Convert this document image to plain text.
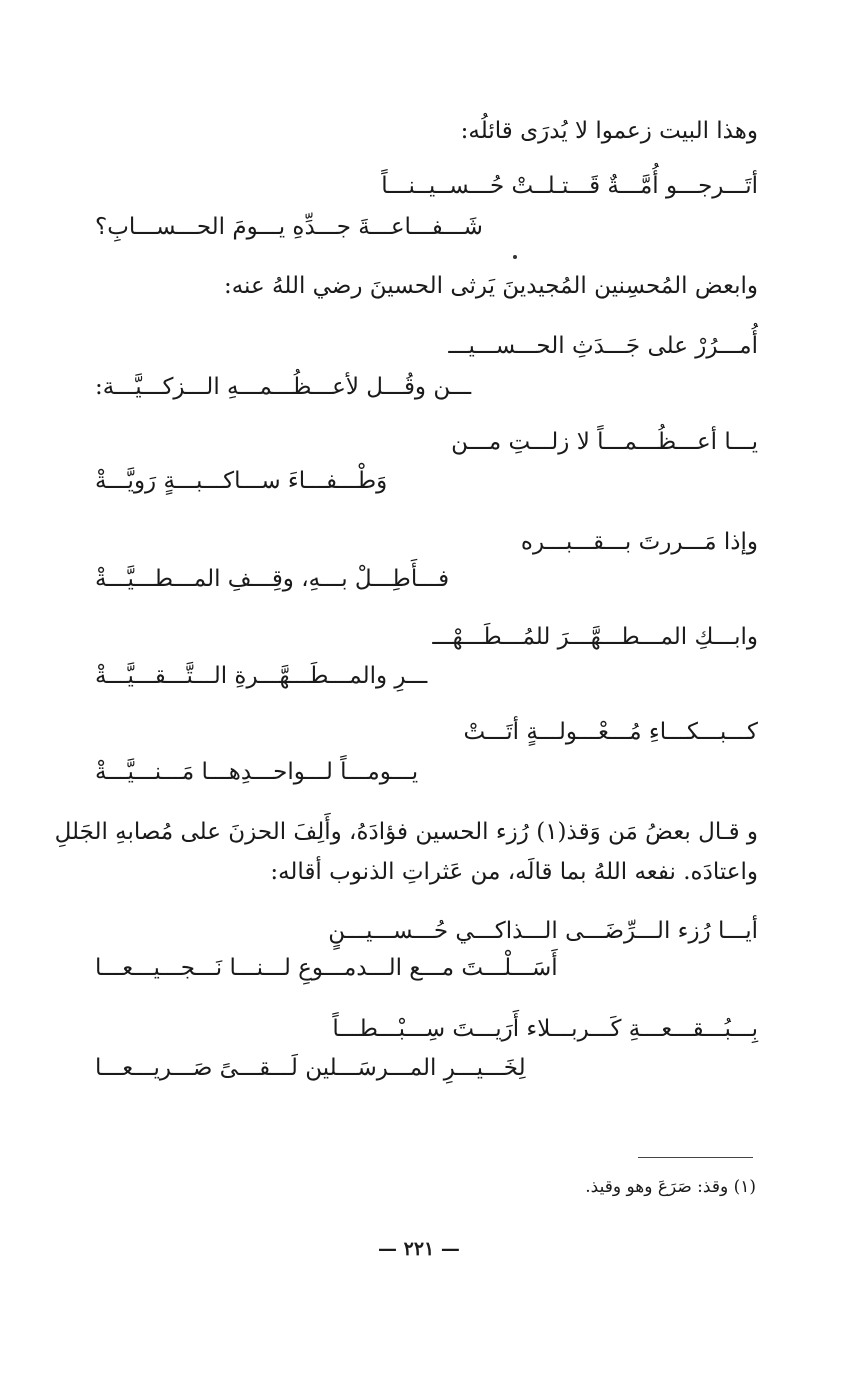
وهذا البيت زعموا لا يُدرَى قائلُه:

أتَـــرجـــو أُمَّـــةٌ قَـــتـلــتْ حُـــســيــنـــاً

شَـــفـــاعـــةَ جـــدِّهِ يـــومَ الحـــســـابِ؟

وابعض المُحسِنين المُجيدينَ يَرثى الحسينَ رضي اللهُ عنه:

أُمـــرُرْ على جَـــدَثِ الحـــســـيـــ

ـــن وقُـــل لأعـــظُـــمـــهِ الـــزكـــيَّـــة:

يـــا أعـــظُـــمـــاً لا زلـــتِ مـــن

وَطْـــفـــاءَ ســـاكـــبـــةٍ رَويَّـــةْ

وإذا مَـــررتَ بـــقـــبـــره

فـــأَطِـــلْ بـــهِ، وقِـــفِ المـــطـــيَّـــةْ

وابـــكِ المـــطـــهَّـــرَ للمُـــطَـــهْـــ

ـــرِ والمـــطَـــهَّـــرةِ الـــتَّـــقـــيَّـــةْ

كـــبـــكـــاءِ مُـــعْـــولـــةٍ أتَـــتْ

يـــومـــاً لـــواحـــدِهـــا مَـــنـــيَّـــةْ

و قـال بعضُ مَن وَقذ(١) رُزء الحسين فؤادَهُ، وأَلِفَ الحزنَ على مُصابهِ الجَللِ

واعتادَه. نفعه اللهُ بما قالَه، من عَثراتِ الذنوب أقاله:

أيـــا رُزء الـــرِّضَـــى الـــذاكـــي حُـــســـيـــنٍ

أَسَـــلْـــتَ مـــع الـــدمـــوعِ لـــنـــا نَـــجـــيـــعـــا

بِـــبُـــقـــعـــةِ كَـــربـــلاء أَرَيـــتَ سِـــبْـــطـــاً

لِخَـــيـــرِ المـــرسَـــلين لَـــقـــىً صَـــريـــعـــا

(١) وقذ: صَرَعَ وهو وقيذ.

— ٢٢١ —
